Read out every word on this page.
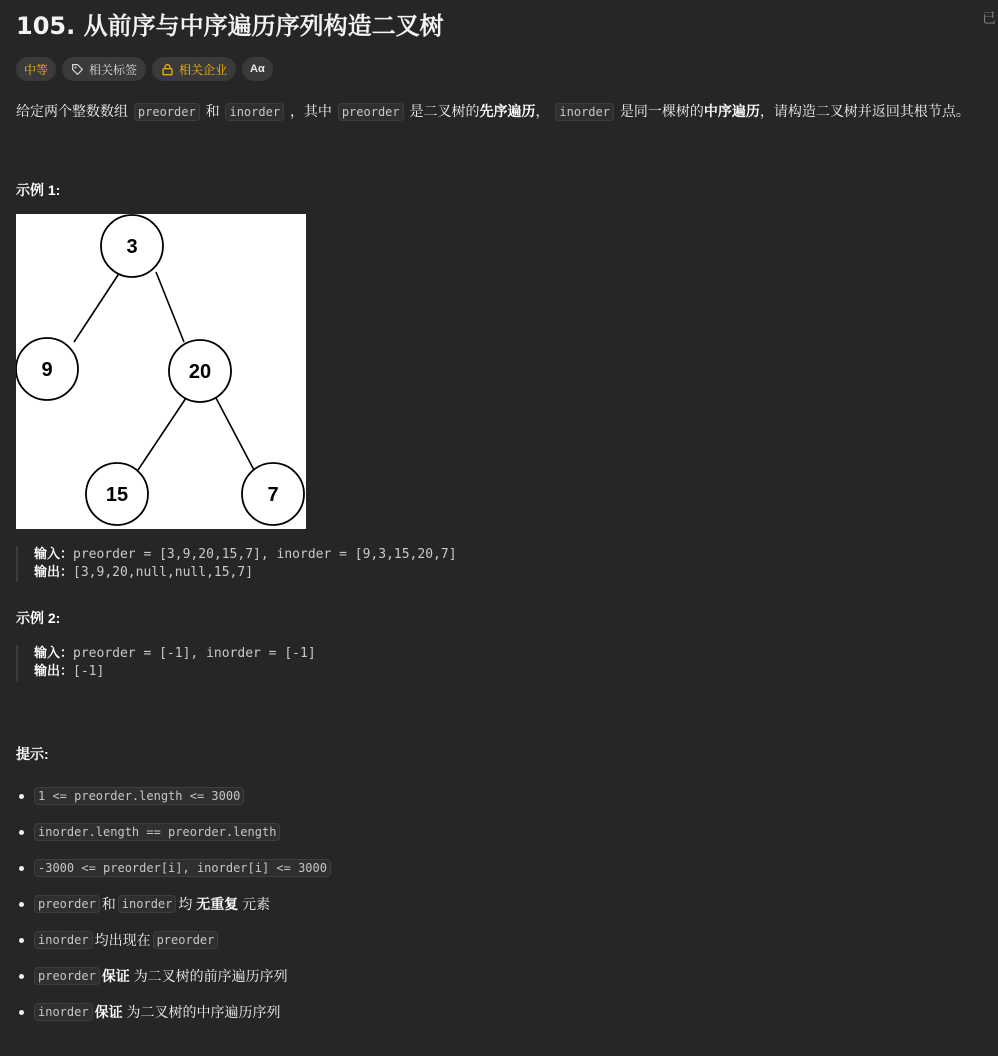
105. 从前序与中序遍历序列构造二叉树	已
中等	相关标签	相关企业	Aα
给定两个整数数组 preorder 和 inorder ，其中 preorder 是二叉树的先序遍历， inorder 是同一棵树的中序遍历，请构造二叉树并返回其根节点。
示例 1:
3
9	20
15	7
输入：preorder = [3,9,20,15,7], inorder = [9,3,15,20,7]
输出：[3,9,20,null,null,15,7]
示例 2:
输入：preorder = [-1], inorder = [-1]
输出：[-1]
提示:
1 <= preorder.length <= 3000
inorder.length == preorder.length
-3000 <= preorder[i], inorder[i] <= 3000
preorder 和 inorder 均
无重复
元素
inorder 均出现在 preorder
preorder 保证
为二叉树的前序遍历序列
inorder 保证
为二叉树的中序遍历序列
